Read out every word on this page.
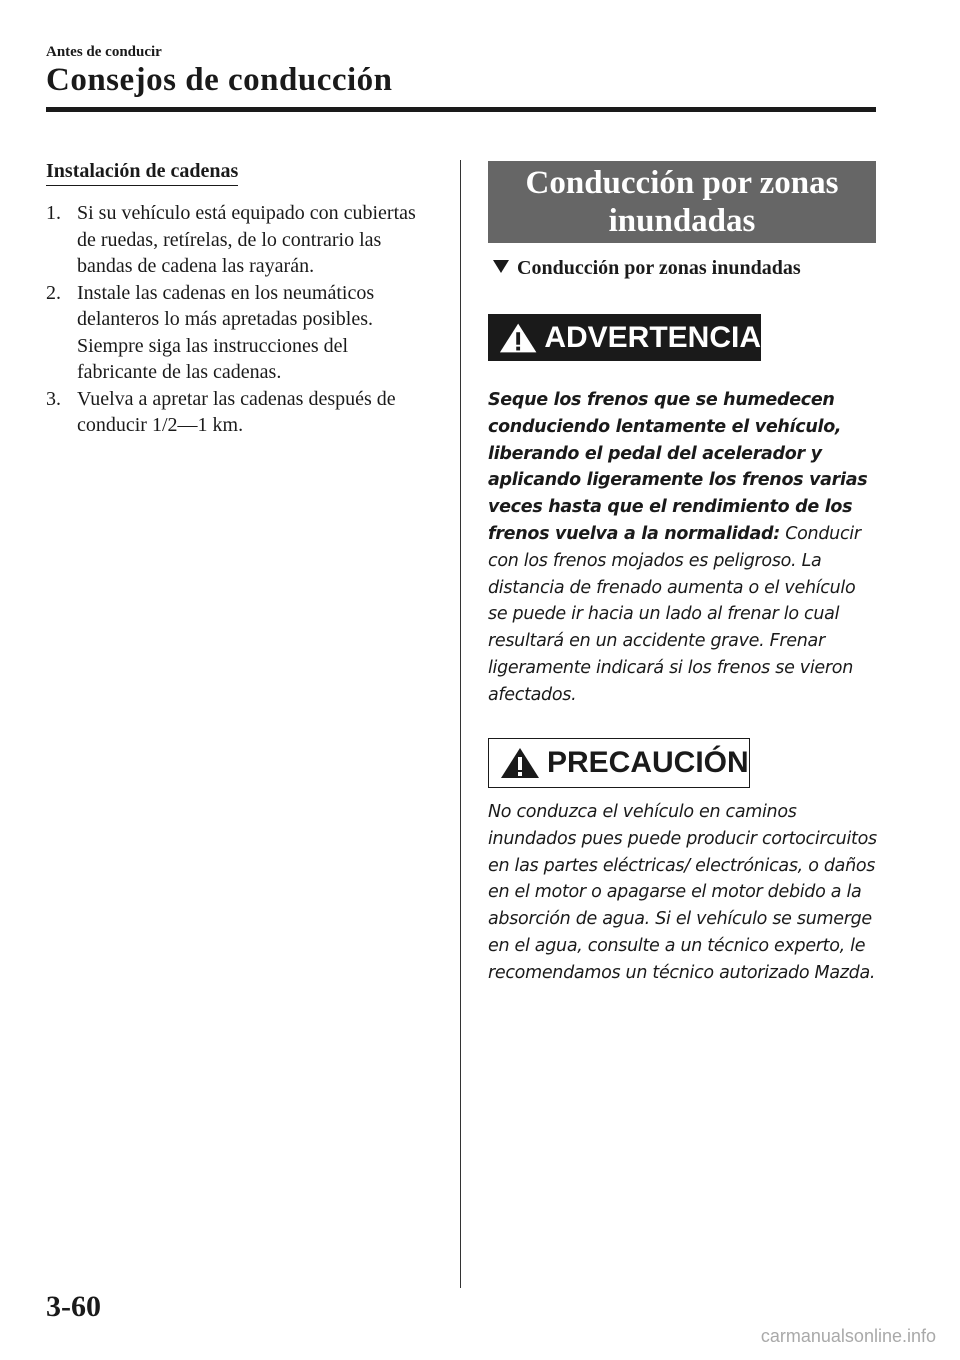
Antes de conducir
Consejos de conducción
Instalación de cadenas
1. Si su vehículo está equipado con cubiertas de ruedas, retírelas, de lo contrario las bandas de cadena las rayarán.
2. Instale las cadenas en los neumáticos delanteros lo más apretadas posibles. Siempre siga las instrucciones del fabricante de las cadenas.
3. Vuelva a apretar las cadenas después de conducir 1/2―1 km.
Conducción por zonas
inundadas
Conducción por zonas inundadas
ADVERTENCIA

Seque los frenos que se humedecen conduciendo lentamente el vehículo, liberando el pedal del acelerador y aplicando ligeramente los frenos varias veces hasta que el rendimiento de los frenos vuelva a la normalidad: Conducir con los frenos mojados es peligroso. La distancia de frenado aumenta o el vehículo se puede ir hacia un lado al frenar lo cual resultará en un accidente grave. Frenar ligeramente indicará si los frenos se vieron afectados.

PRECAUCIÓN

No conduzca el vehículo en caminos inundados pues puede producir cortocircuitos en las partes eléctricas/ electrónicas, o daños en el motor o apagarse el motor debido a la absorción de agua. Si el vehículo se sumerge en el agua, consulte a un técnico experto, le recomendamos un técnico autorizado Mazda.

3-60
carmanualsonline.info
